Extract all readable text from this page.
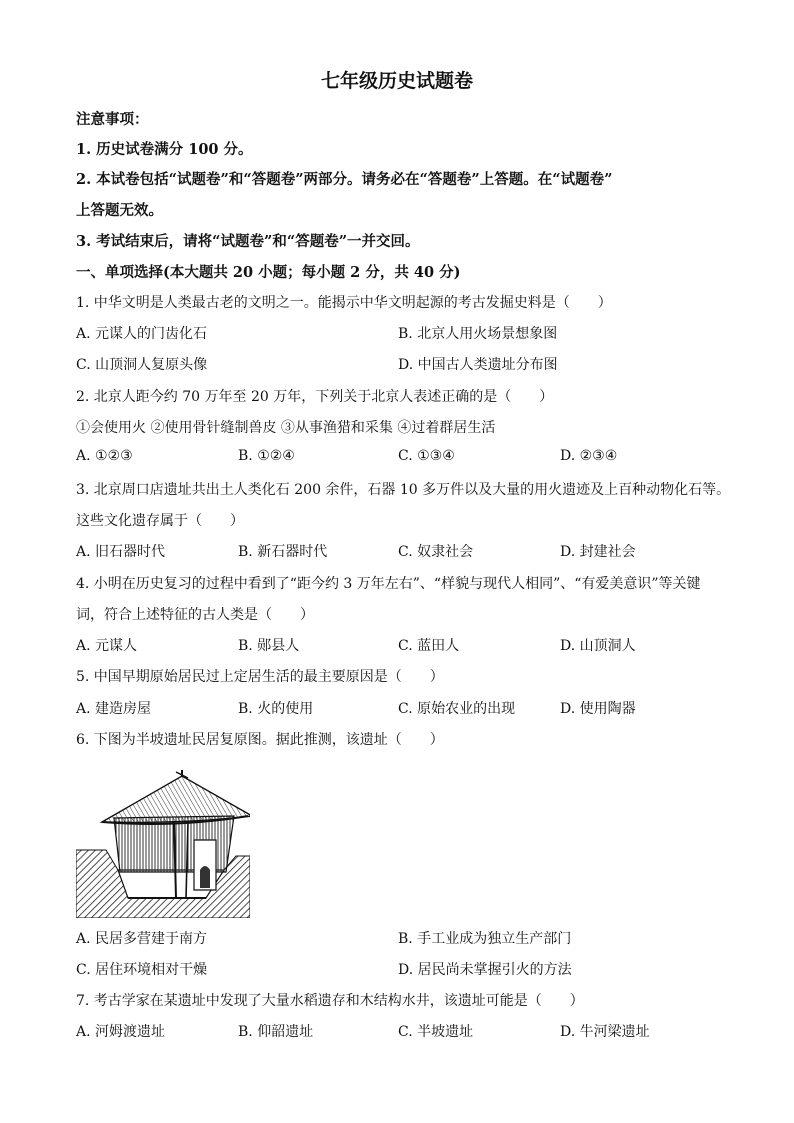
七年级历史试题卷
注意事项：
1. 历史试卷满分 100 分。
2. 本试卷包括“试题卷”和“答题卷”两部分。请务必在“答题卷”上答题。在“试题卷”
上答题无效。
3. 考试结束后，请将“试题卷”和“答题卷”一并交回。
一、单项选择(本大题共 20 小题；每小题 2 分，共 40 分)
1. 中华文明是人类最古老的文明之一。能揭示中华文明起源的考古发掘史料是（　　）
A. 元谋人的门齿化石	B. 北京人用火场景想象图
C. 山顶洞人复原头像	D. 中国古人类遗址分布图
2. 北京人距今约 70 万年至 20 万年，下列关于北京人表述正确的是（　　）
①会使用火 ②使用骨针缝制兽皮 ③从事渔猎和采集 ④过着群居生活
A. ①②③	B. ①②④	C. ①③④	D. ②③④
3. 北京周口店遗址共出土人类化石 200 余件，石器 10 多万件以及大量的用火遗迹及上百种动物化石等。
这些文化遗存属于（　　）
A. 旧石器时代	B. 新石器时代	C. 奴隶社会	D. 封建社会
4. 小明在历史复习的过程中看到了“距今约 3 万年左右”、“样貌与现代人相同”、“有爱美意识”等关键
词，符合上述特征的古人类是（　　）
A. 元谋人	B. 郧县人	C. 蓝田人	D. 山顶洞人
5. 中国早期原始居民过上定居生活的最主要原因是（　　）
A. 建造房屋	B. 火的使用	C. 原始农业的出现	D. 使用陶器
6. 下图为半坡遗址民居复原图。据此推测，该遗址（　　）
A. 民居多营建于南方	B. 手工业成为独立生产部门
C. 居住环境相对干燥	D. 居民尚未掌握引火的方法
7. 考古学家在某遗址中发现了大量水稻遗存和木结构水井，该遗址可能是（　　）
A. 河姆渡遗址	B. 仰韶遗址	C. 半坡遗址	D. 牛河梁遗址
